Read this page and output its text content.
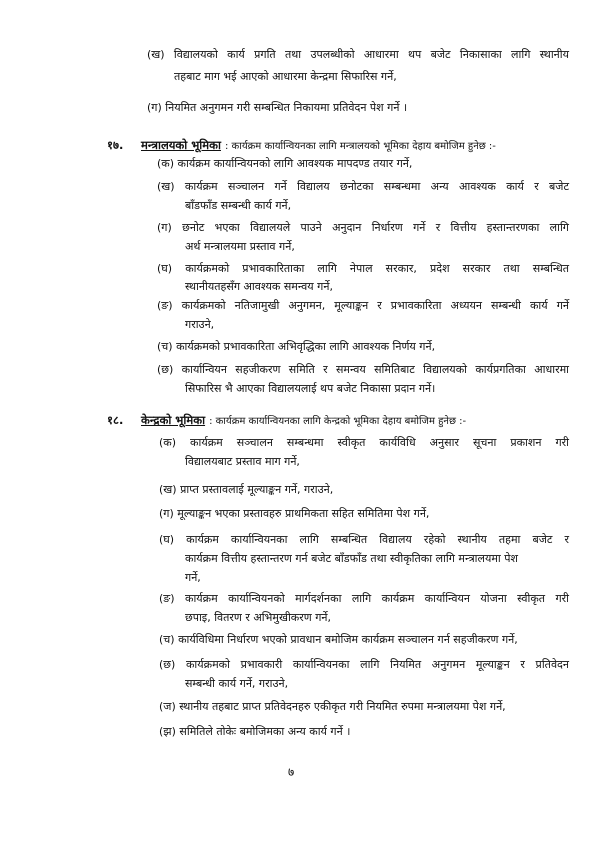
(ख) विद्यालयको कार्य प्रगति तथा उपलब्धीको आधारमा थप बजेट निकासाका लागि स्थानीय
तहबाट माग भई आएको आधारमा केन्द्रमा सिफारिस गर्ने,
(ग) नियमित अनुगमन गरी सम्बन्धित निकायमा प्रतिवेदन पेश गर्ने ।
१७. मन्त्रालयको भूमिका : कार्यक्रम कार्यान्वियनका लागि मन्त्रालयको भूमिका देहाय बमोजिम हुनेछ :-
(क) कार्यक्रम कार्यान्वियनको लागि आवश्यक मापदण्ड तयार गर्ने,
(ख) कार्यक्रम सञ्चालन गर्ने विद्यालय छनोटका सम्बन्धमा अन्य आवश्यक कार्य र बजेट
बाँडफाँड सम्बन्धी कार्य गर्ने,
(ग) छनोट भएका विद्यालयले पाउने अनुदान निर्धारण गर्ने र वित्तीय हस्तान्तरणका लागि
अर्थ मन्त्रालयमा प्रस्ताव गर्ने,
(घ) कार्यक्रमको प्रभावकारिताका लागि नेपाल सरकार, प्रदेश सरकार तथा सम्बन्धित
स्थानीयतहसँग आवश्यक समन्वय गर्ने,
(ङ) कार्यक्रमको नतिजामुखी अनुगमन, मूल्याङ्कन र प्रभावकारिता अध्ययन सम्बन्धी कार्य गर्ने
गराउने,
(च) कार्यक्रमको प्रभावकारिता अभिवृद्धिका लागि आवश्यक निर्णय गर्ने,
(छ) कार्यान्वियन सहजीकरण समिति र समन्वय समितिबाट विद्यालयको कार्यप्रगतिका आधारमा
सिफारिस भै आएका विद्यालयलाई थप बजेट निकासा प्रदान गर्ने।
१८. केन्द्रको भूमिका : कार्यक्रम कार्यान्वियनका लागि केन्द्रको भूमिका देहाय बमोजिम हुनेछ :-
(क) कार्यक्रम सञ्चालन सम्बन्धमा स्वीकृत कार्यविधि अनुसार सूचना प्रकाशन गरी
विद्यालयबाट प्रस्ताव माग गर्ने,
(ख) प्राप्त प्रस्तावलाई मूल्याङ्कन गर्ने, गराउने,
(ग) मूल्याङ्कन भएका प्रस्तावहरु प्राथमिकता सहित समितिमा पेश गर्ने,
(घ) कार्यक्रम कार्यान्वियनका लागि सम्बन्धित विद्यालय रहेको स्थानीय तहमा बजेट र
कार्यक्रम वित्तीय हस्तान्तरण गर्न बजेट बाँडफाँड तथा स्वीकृतिका लागि मन्त्रालयमा पेश
गर्ने,
(ङ) कार्यक्रम कार्यान्वियनको मार्गदर्शनका लागि कार्यक्रम कार्यान्वियन योजना स्वीकृत गरी
छपाइ, वितरण र अभिमुखीकरण गर्ने,
(च) कार्यविधिमा निर्धारण भएको प्रावधान बमोजिम कार्यक्रम सञ्चालन गर्न सहजीकरण गर्ने,
(छ) कार्यक्रमको प्रभावकारी कार्यान्वियनका लागि नियमित अनुगमन मूल्याङ्कन र प्रतिवेदन
सम्बन्धी कार्य गर्ने, गराउने,
(ज) स्थानीय तहबाट प्राप्त प्रतिवेदनहरु एकीकृत गरी नियमित रुपमा मन्त्रालयमा पेश गर्ने,
(झ) समितिले तोकेः बमोजिमका अन्य कार्य गर्ने ।
७
